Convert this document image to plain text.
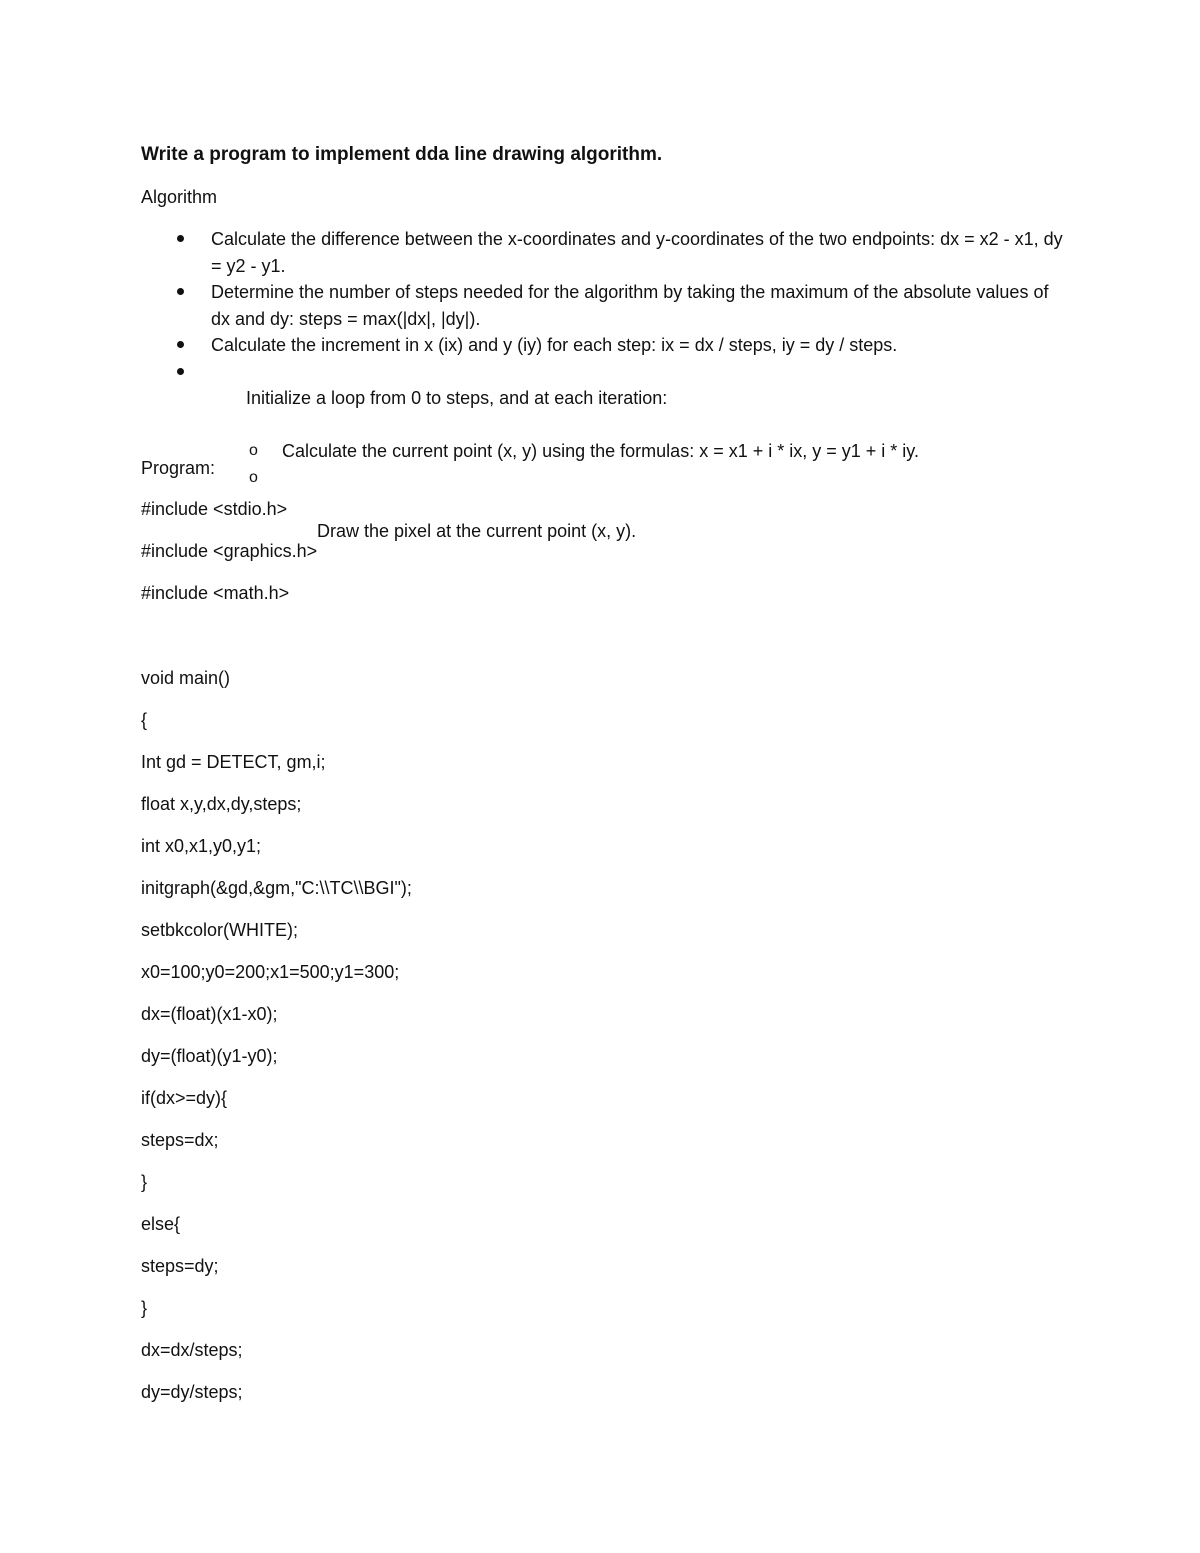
Write a program to implement dda line drawing algorithm.
Algorithm
Calculate the difference between the x-coordinates and y-coordinates of the two endpoints: dx = x2 - x1, dy = y2 - y1.
Determine the number of steps needed for the algorithm by taking the maximum of the absolute values of dx and dy: steps = max(|dx|, |dy|).
Calculate the increment in x (ix) and y (iy) for each step: ix = dx / steps, iy = dy / steps.

Initialize a loop from 0 to steps, and at each iteration:

o Calculate the current point (x, y) using the formulas: x = x1 + i * ix, y = y1 + i * iy.

o

Draw the pixel at the current point (x, y).

Program:
#include <stdio.h>
#include <graphics.h>
#include <math.h>
void main()
{
Int gd = DETECT, gm,i;
float x,y,dx,dy,steps;
int x0,x1,y0,y1;
initgraph(&gd,&gm,"C:\\TC\\BGI");
setbkcolor(WHITE);
x0=100;y0=200;x1=500;y1=300;
dx=(float)(x1-x0);
dy=(float)(y1-y0);
if(dx>=dy){
steps=dx;
}
else{
steps=dy;
}
dx=dx/steps;
dy=dy/steps;
